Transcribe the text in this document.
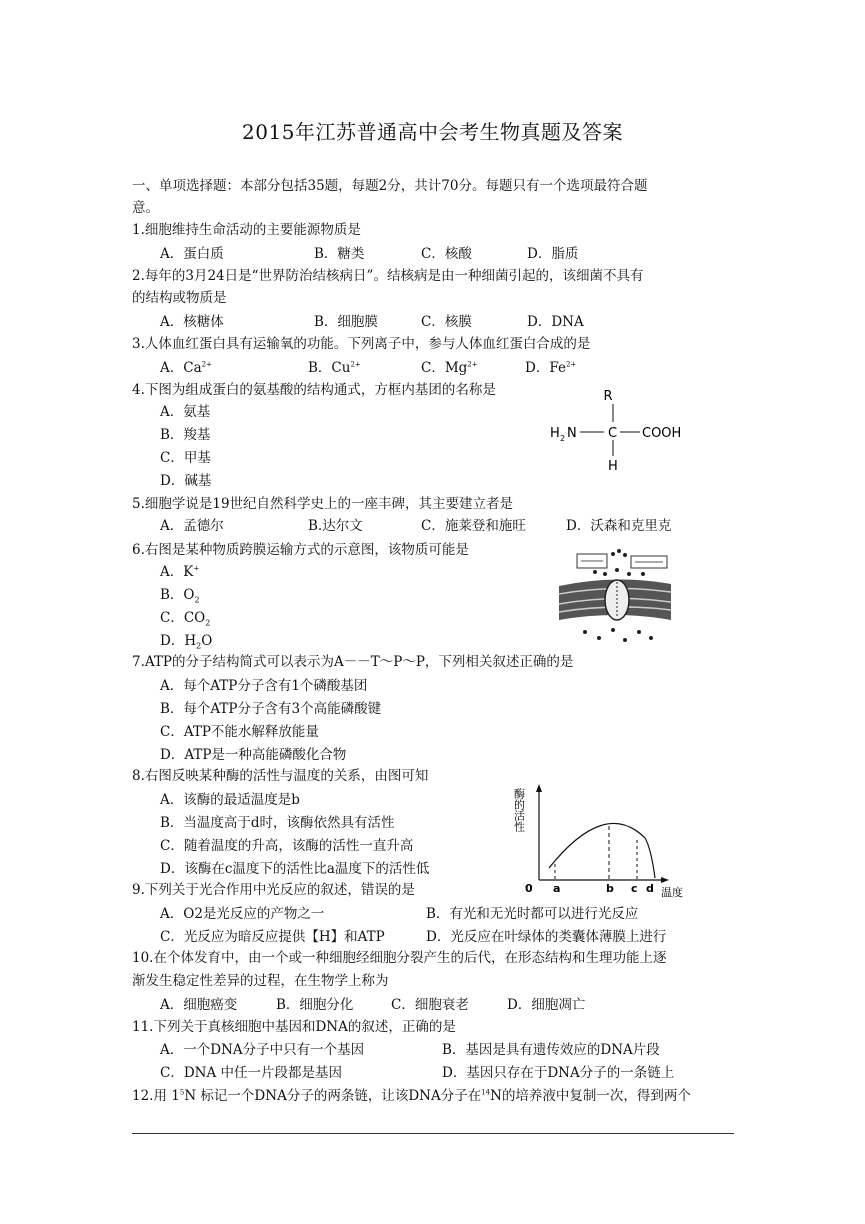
2015年江苏普通高中会考生物真题及答案
一、单项选择题：本部分包括35题，每题2分，共计70分。每题只有一个选项最符合题
意。
1.细胞维持生命活动的主要能源物质是
A．蛋白质	B．糖类	C．核酸	D．脂质
2.每年的3月24日是“世界防治结核病日”。结核病是由一种细菌引起的，该细菌不具有
的结构或物质是
A．核糖体	B．细胞膜	C．核膜	D．DNA
3.人体血红蛋白具有运输氧的功能。下列离子中，参与人体血红蛋白合成的是
A．$Ca^{2+}$	B．$Cu^{2+}$	C．$Mg^{2+}$	D．$Fe^{2+}$
4.下图为组成蛋白的氨基酸的结构通式，方框内基团的名称是
A．氨基
B．羧基
C．甲基
D．碱基
R
H 2 N C COOH
H
5.细胞学说是19世纪自然科学史上的一座丰碑，其主要建立者是
A．孟德尔	B.达尔文	C．施莱登和施旺	D．沃森和克里克
6.右图是某种物质跨膜运输方式的示意图，该物质可能是
A．K+
B．$O_2$
C．$CO_2$
D．$H_2O$
7.ATP的分子结构简式可以表示为A－－T～P～P，下列相关叙述正确的是
A．每个ATP分子含有1个磷酸基团
B．每个ATP分子含有3个高能磷酸键
C．ATP不能水解释放能量
D．ATP是一种高能磷酸化合物
8.右图反映某种酶的活性与温度的关系，由图可知
A．该酶的最适温度是b
B．当温度高于d时，该酶依然具有活性
C．随着温度的升高，该酶的活性一直升高
D．该酶在c温度下的活性比a温度下的活性低
酶的活性
0 a	b c d 温度
9.下列关于光合作用中光反应的叙述，错误的是
A．O2是光反应的产物之一	B．有光和无光时都可以进行光反应
C．光反应为暗反应提供【H】和ATP	D．光反应在叶绿体的类囊体薄膜上进行
10.在个体发育中，由一个或一种细胞经细胞分裂产生的后代，在形态结构和生理功能上逐
渐发生稳定性差异的过程，在生物学上称为
A．细胞癌变	B．细胞分化	C．细胞衰老	D．细胞凋亡
11.下列关于真核细胞中基因和DNA的叙述，正确的是
A．一个DNA分子中只有一个基因	B．基因是具有遗传效应的DNA片段
C．DNA 中任一片段都是基因	D．基因只存在于DNA分子的一条链上
12.用 $1^5N$ 标记一个DNA分子的两条链，让该DNA分子在$^{14}$N的培养液中复制一次，得到两个
